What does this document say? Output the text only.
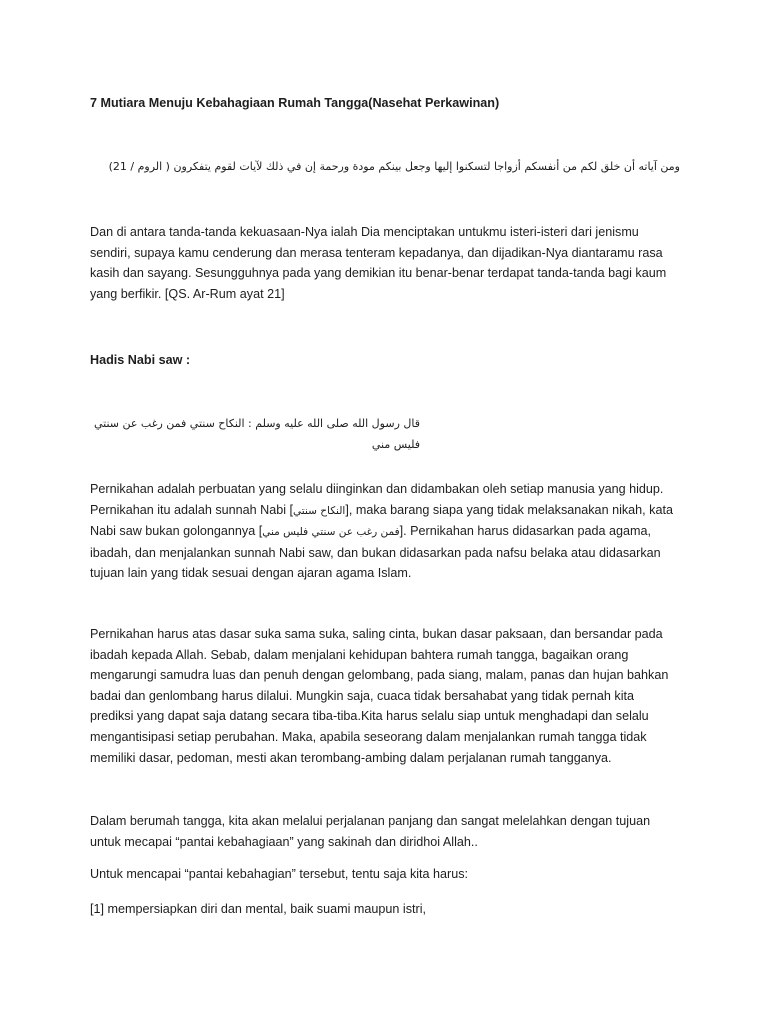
7 Mutiara Menuju Kebahagiaan Rumah Tangga(Nasehat Perkawinan)

ومن آياته أن خلق لكم من أنفسكم أزواجا لتسكنوا إليها وجعل بينكم مودة ورحمة إن في ذلك لآيات لقوم يتفكرون ( الروم / 21)

Dan di antara tanda-tanda kekuasaan-Nya ialah Dia menciptakan untukmu isteri-isteri dari jenismu sendiri, supaya kamu cenderung dan merasa tenteram kepadanya, dan dijadikan-Nya diantaramu rasa kasih dan sayang. Sesungguhnya pada yang demikian itu benar-benar terdapat tanda-tanda bagi kaum yang berfikir. [QS. Ar-Rum ayat 21]

Hadis Nabi saw :

قال رسول الله صلى الله عليه وسلم : النكاح سنتي فمن رغب عن سنتي فليس مني

Pernikahan adalah perbuatan yang selalu diinginkan dan didambakan oleh setiap manusia yang hidup. Pernikahan itu adalah sunnah Nabi [النكاح سنتي], maka barang siapa yang tidak melaksanakan nikah, kata Nabi saw bukan golongannya [فمن رغب عن سنتي فليس مني]. Pernikahan harus didasarkan pada agama, ibadah, dan menjalankan sunnah Nabi saw, dan bukan didasarkan pada nafsu belaka atau didasarkan tujuan lain yang tidak sesuai dengan ajaran agama Islam.

Pernikahan harus atas dasar suka sama suka, saling cinta, bukan dasar paksaan, dan bersandar pada ibadah kepada Allah. Sebab, dalam menjalani kehidupan bahtera rumah tangga, bagaikan orang mengarungi samudra luas dan penuh dengan gelombang, pada siang, malam, panas dan hujan bahkan badai dan genlombang harus dilalui. Mungkin saja, cuaca tidak bersahabat yang tidak pernah kita prediksi yang dapat saja datang secara tiba-tiba.Kita harus selalu siap untuk menghadapi dan selalu mengantisipasi setiap perubahan. Maka, apabila seseorang dalam menjalankan rumah tangga tidak memiliki dasar, pedoman, mesti akan terombang-ambing dalam perjalanan rumah tangganya.

Dalam berumah tangga, kita akan melalui perjalanan panjang dan sangat melelahkan dengan tujuan untuk mecapai “pantai kebahagiaan” yang sakinah dan diridhoi Allah..

Untuk mencapai “pantai kebahagian” tersebut, tentu saja kita harus:

[1] mempersiapkan diri dan mental, baik suami maupun istri,
